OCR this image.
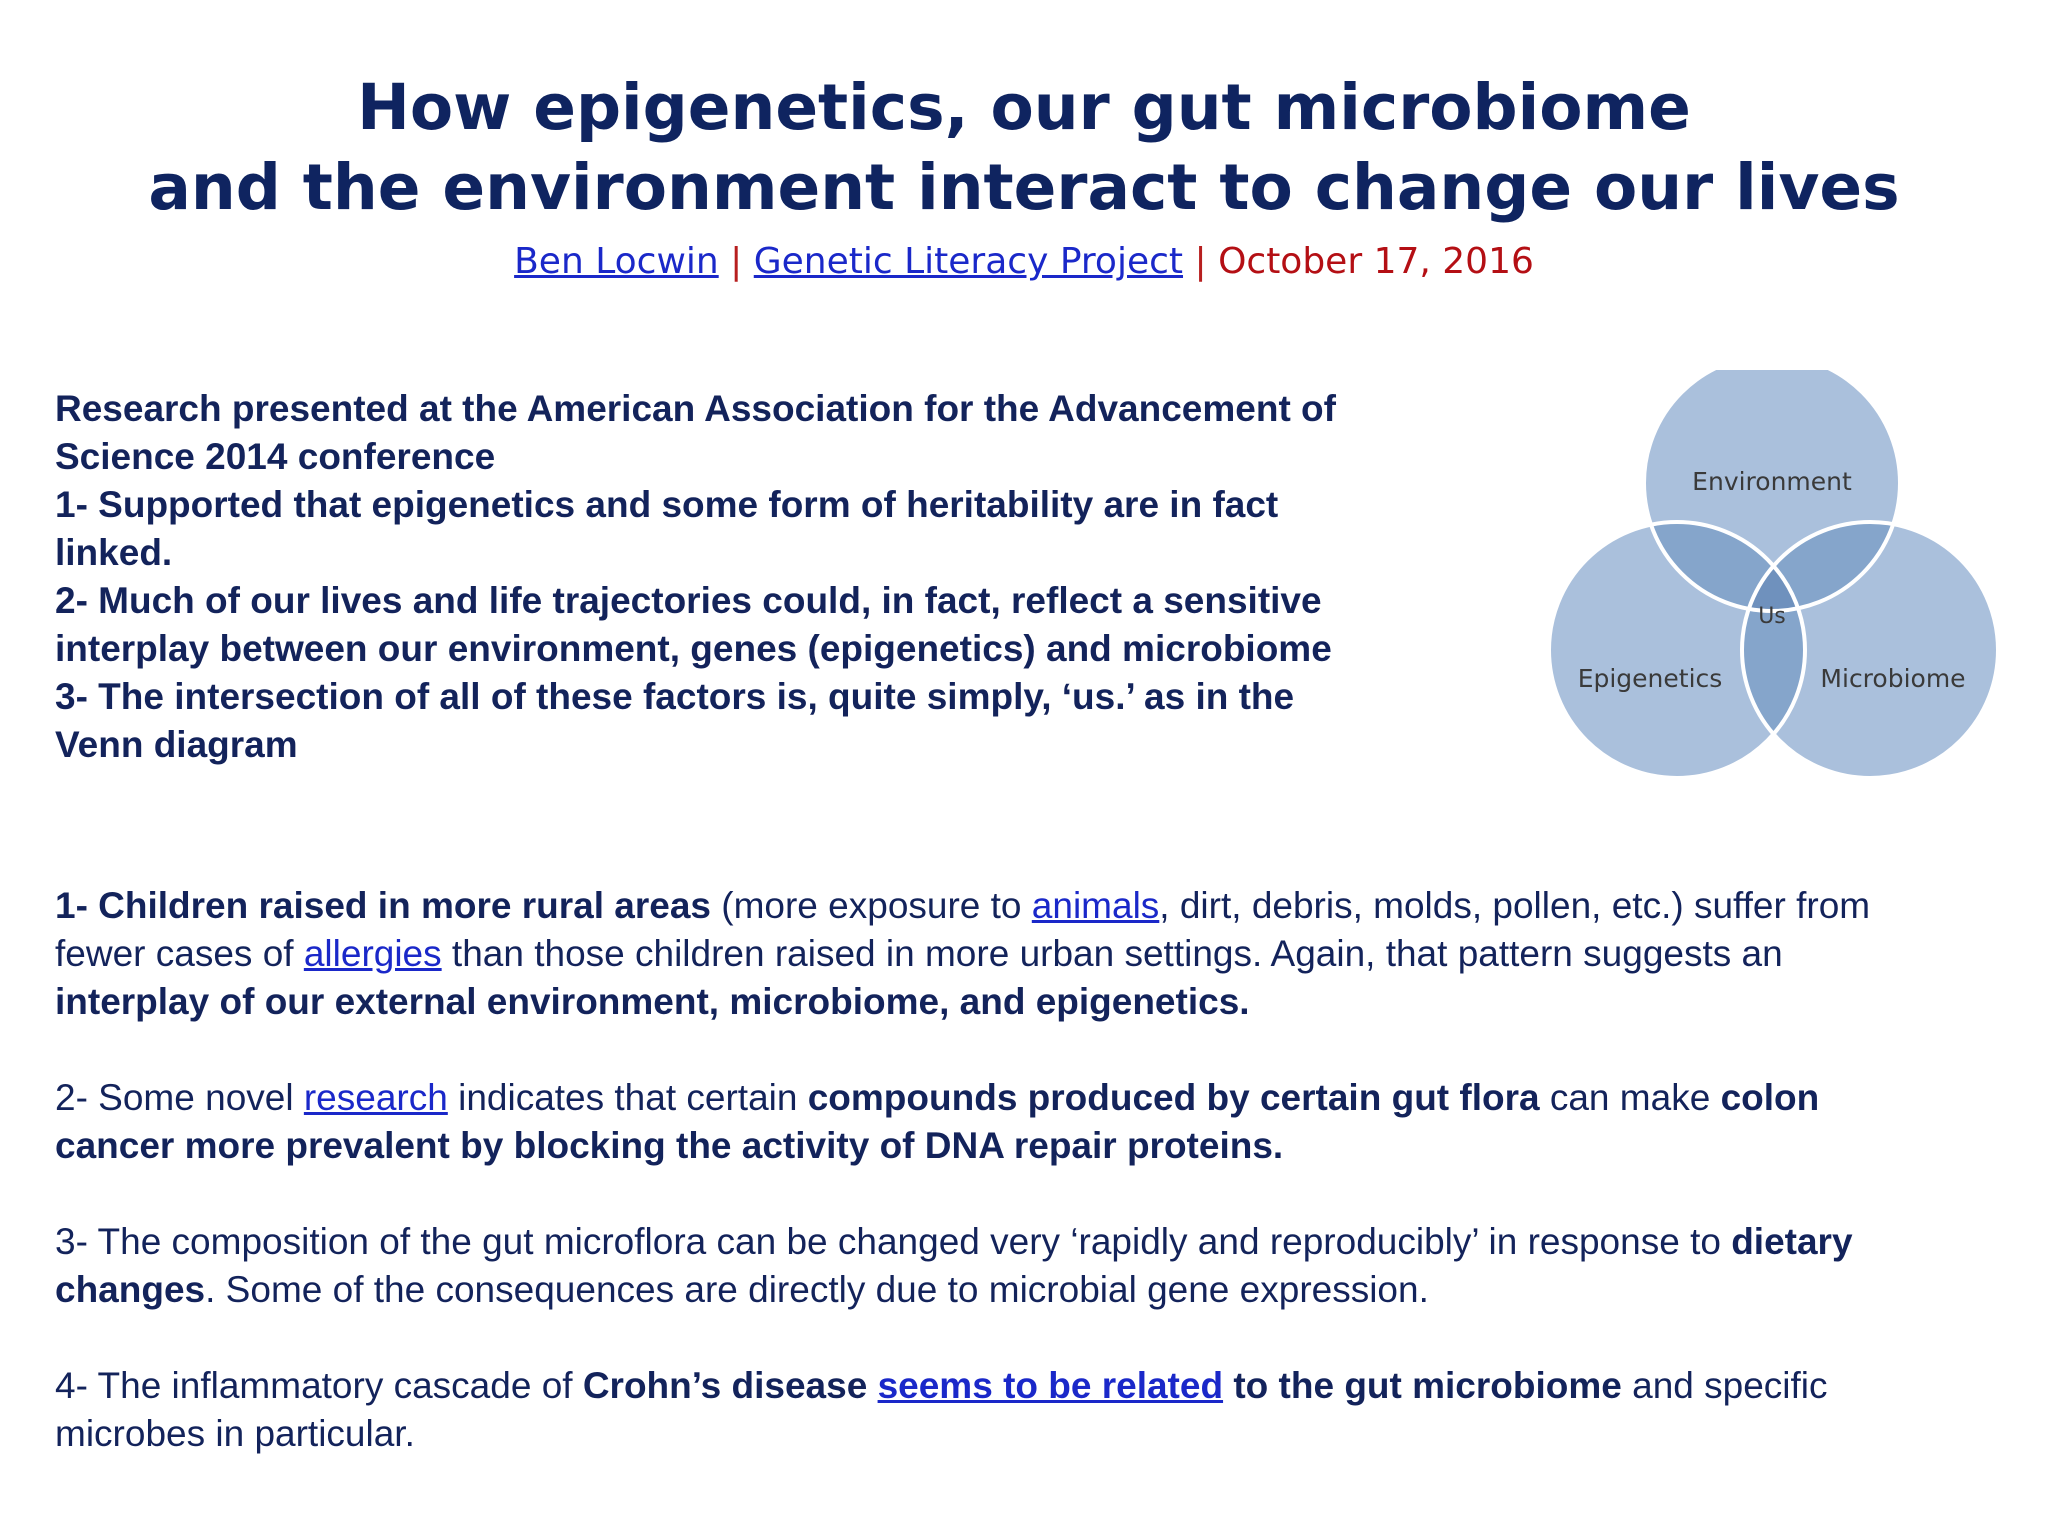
How epigenetics, our gut microbiome
and the environment interact to change our lives
Ben Locwin | Genetic Literacy Project | October 17, 2016
Research presented at the American Association for the Advancement of
Science 2014 conference
1- Supported that epigenetics and some form of heritability are in fact
linked.
2- Much of our lives and life trajectories could, in fact, reflect a sensitive
interplay between our environment, genes (epigenetics) and microbiome
3- The intersection of all of these factors is, quite simply, ‘us.’ as in the
Venn diagram
Environment
Epigenetics	Microbiome
Us
1- Children raised in more rural areas (more exposure to animals, dirt, debris, molds, pollen, etc.) suffer from
fewer cases of allergies than those children raised in more urban settings. Again, that pattern suggests an
interplay of our external environment, microbiome, and epigenetics.
2- Some novel research indicates that certain compounds produced by certain gut flora can make colon
cancer more prevalent by blocking the activity of DNA repair proteins.
3- The composition of the gut microflora can be changed very ‘rapidly and reproducibly’ in response to dietary
changes. Some of the consequences are directly due to microbial gene expression.
4- The inflammatory cascade of Crohn’s disease seems to be related to the gut microbiome and specific
microbes in particular.
